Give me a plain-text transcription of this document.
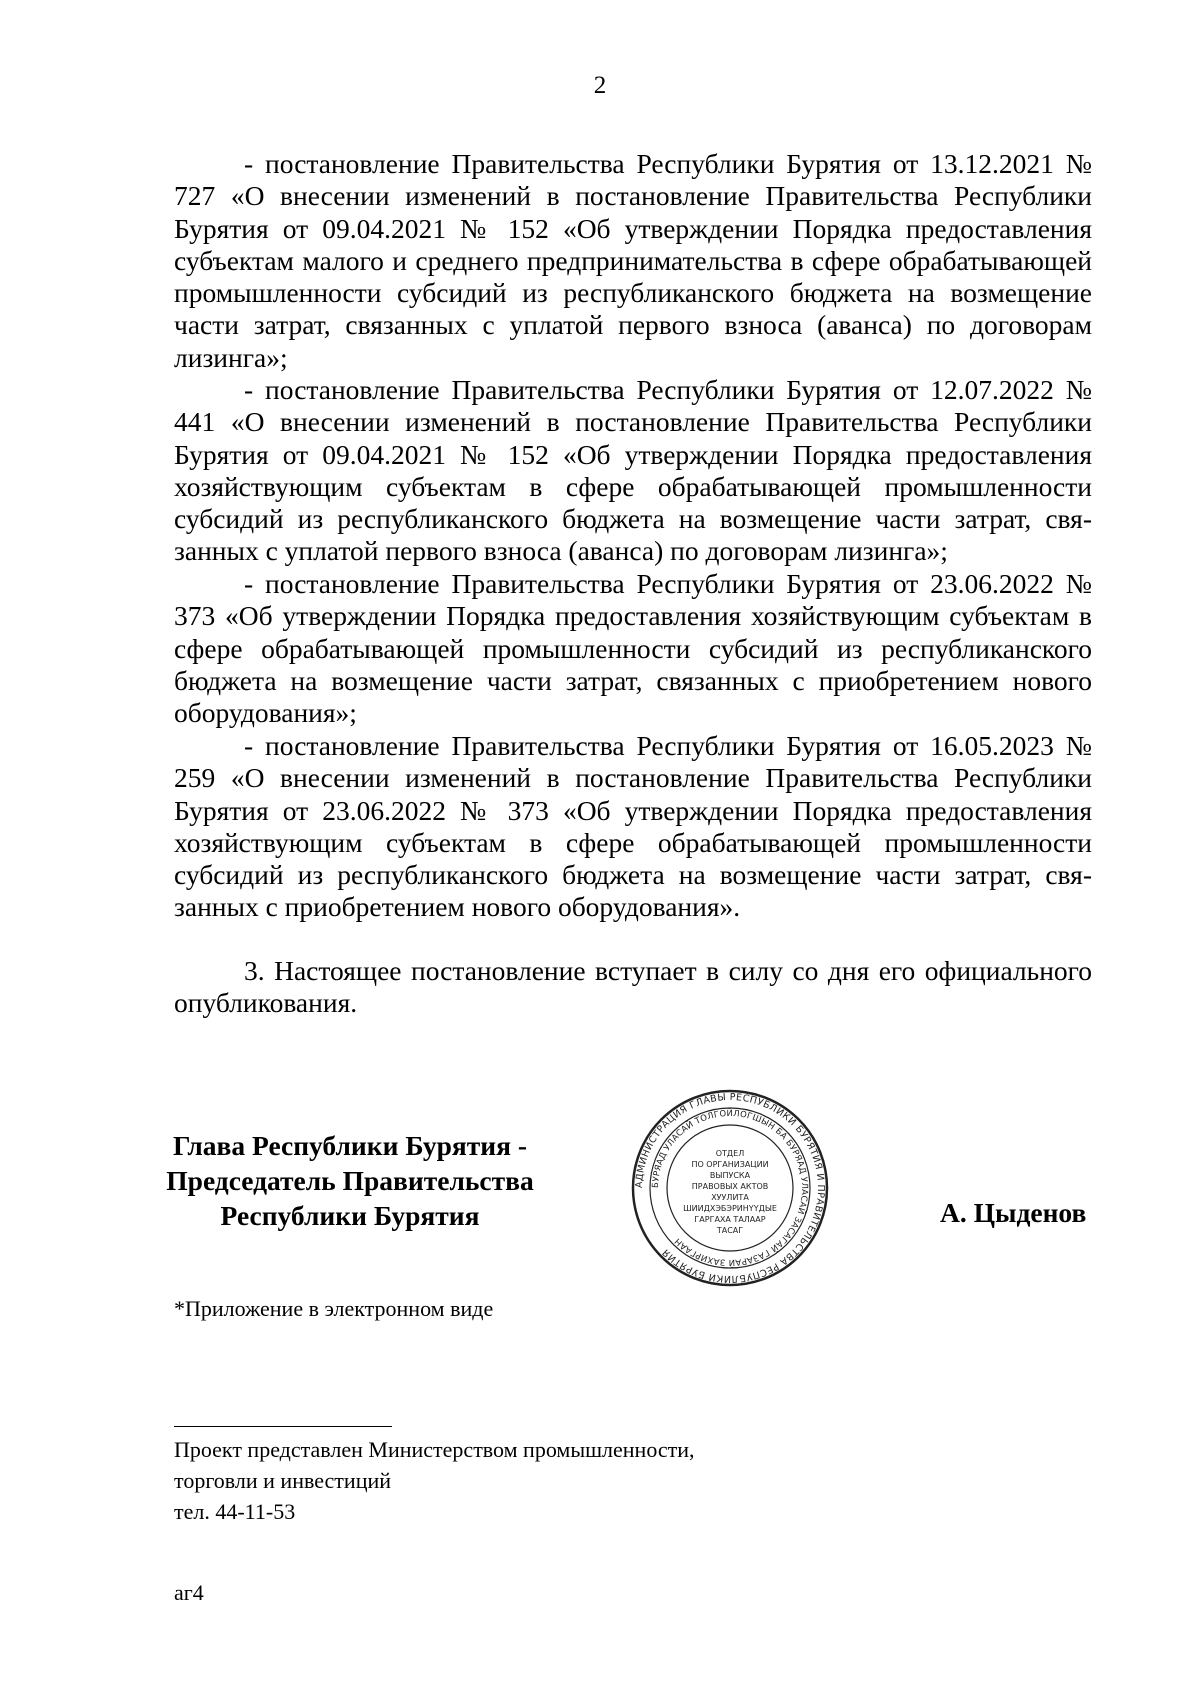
2

- постановление Правительства Республики Бурятия от 13.12.2021 № 727 «О внесении изменений в постановление Правительства Республики Бурятия от 09.04.2021 № 152 «Об утверждении Порядка предоставления субъектам малого и среднего предпринимательства в сфере обрабатывающей промышленности субсидий из республиканского бюджета на возмещение части затрат, связанных с уплатой первого взноса (аванса) по договорам лизинга»;

- постановление Правительства Республики Бурятия от 12.07.2022 № 441 «О внесении изменений в постановление Правительства Республики Бурятия от 09.04.2021 № 152 «Об утверждении Порядка предоставления хозяйствующим субъектам в сфере обрабатывающей промышленности субсидий из республиканского бюджета на возмещение части затрат, связанных с уплатой первого взноса (аванса) по договорам лизинга»;

- постановление Правительства Республики Бурятия от 23.06.2022 № 373 «Об утверждении Порядка предоставления хозяйствующим субъектам в сфере обрабатывающей промышленности субсидий из республиканского бюджета на возмещение части затрат, связанных с приобретением нового оборудования»;

- постановление Правительства Республики Бурятия от 16.05.2023 № 259 «О внесении изменений в постановление Правительства Республики Бурятия от 23.06.2022 № 373 «Об утверждении Порядка предоставления хозяйствующим субъектам в сфере обрабатывающей промышленности субсидий из республиканского бюджета на возмещение части затрат, связанных с приобретением нового оборудования».

3. Настоящее постановление вступает в силу со дня его официального опубликования.

Глава Республики Бурятия -
Председатель Правительства
Республики Бурятия
АДМИНИСТРАЦИЯ ГЛАВЫ РЕСПУБЛИКИ БУРЯТИЯ И ПРАВИТЕЛЬСТВА РЕСПУБЛИКИ БУРЯТИЯ
БУРЯАД УЛАСАЙ ТОЛГОЙЛОГШЫН БА БУРЯАД УЛАСАЙ ЗАСАГАЙ ГАЗАРАЙ ЗАХИРГААН
ОТДЕЛ
ПО ОРГАНИЗАЦИИ
ВЫПУСКА
ПРАВОВЫХ АКТОВ
ХУУЛИТА
ШИИДХЭБЭРИНҮҮДЫЕ
ГАРГАХА ТАЛААР
ТАСАГ
А. Цыденов
*Приложение в электронном виде
Проект представлен Министерством промышленности,
торговли и инвестиций
тел. 44-11-53
аг4
